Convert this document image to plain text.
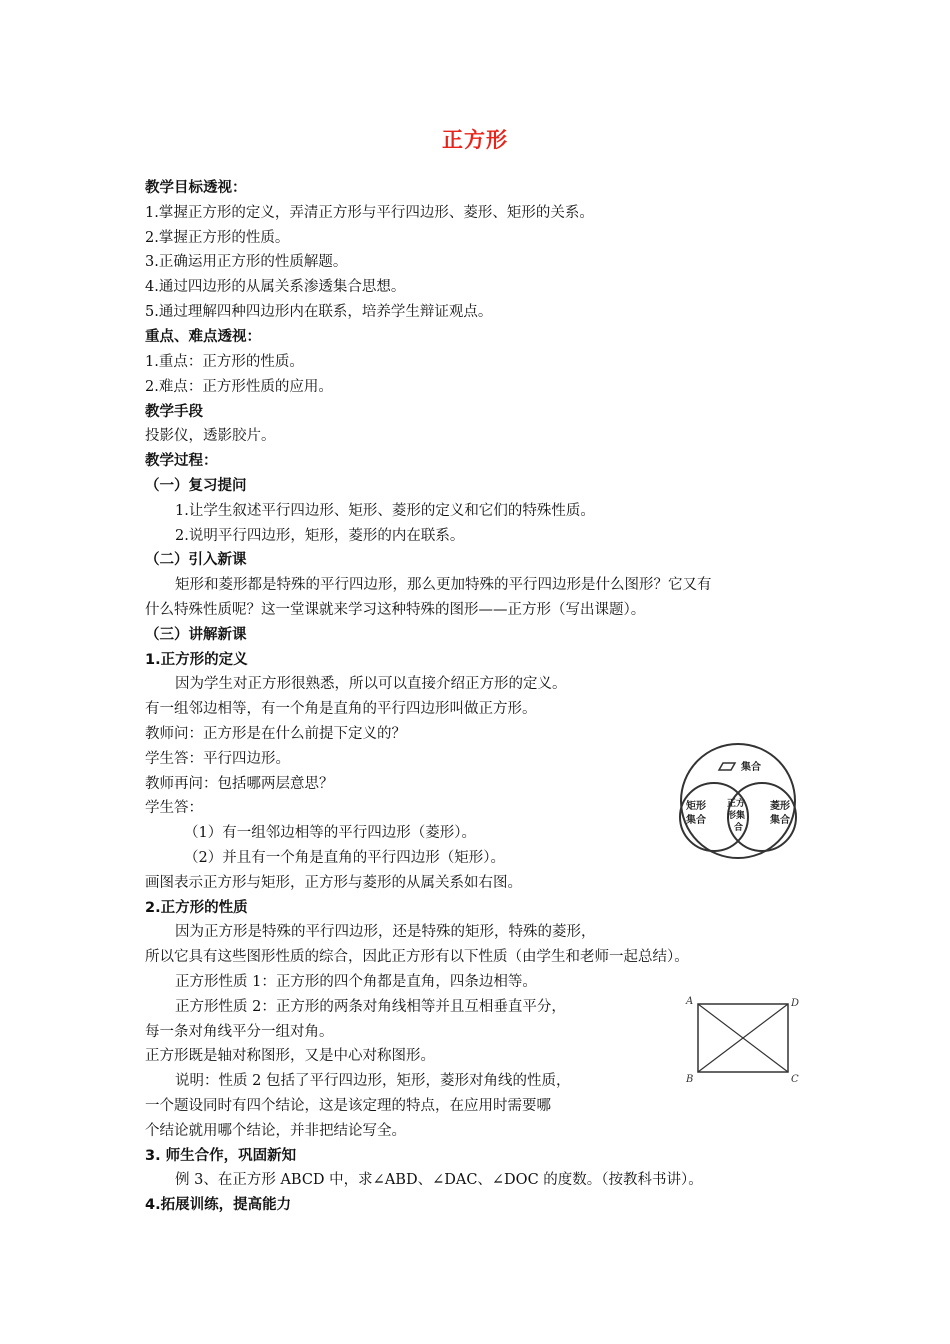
正方形
教学目标透视：
1.掌握正方形的定义，弄清正方形与平行四边形、菱形、矩形的关系。
2.掌握正方形的性质。
3.正确运用正方形的性质解题。
4.通过四边形的从属关系渗透集合思想。
5.通过理解四种四边形内在联系，培养学生辩证观点。
重点、难点透视：
1.重点：正方形的性质。
2.难点：正方形性质的应用。
教学手段
投影仪，透影胶片。
教学过程：
（一）复习提问
1.让学生叙述平行四边形、矩形、菱形的定义和它们的特殊性质。
2.说明平行四边形，矩形，菱形的内在联系。
（二）引入新课
矩形和菱形都是特殊的平行四边形，那么更加特殊的平行四边形是什么图形？它又有
什么特殊性质呢？这一堂课就来学习这种特殊的图形——正方形（写出课题）。
（三）讲解新课
1.正方形的定义
因为学生对正方形很熟悉，所以可以直接介绍正方形的定义。
有一组邻边相等，有一个角是直角的平行四边形叫做正方形。
教师问：正方形是在什么前提下定义的？
学生答：平行四边形。
教师再问：包括哪两层意思？
学生答：
（1）有一组邻边相等的平行四边形（菱形）。
（2）并且有一个角是直角的平行四边形（矩形）。
画图表示正方形与矩形，正方形与菱形的从属关系如右图。
集合
矩形
集合
正方
形集
合
菱形
集合
2.正方形的性质
因为正方形是特殊的平行四边形，还是特殊的矩形，特殊的菱形，
所以它具有这些图形性质的综合，因此正方形有以下性质（由学生和老师一起总结）。
正方形性质 1：正方形的四个角都是直角，四条边相等。
正方形性质 2：正方形的两条对角线相等并且互相垂直平分，
每一条对角线平分一组对角。
正方形既是轴对称图形，又是中心对称图形。
说明：性质 2 包括了平行四边形，矩形，菱形对角线的性质，
一个题设同时有四个结论，这是该定理的特点，在应用时需要哪
个结论就用哪个结论，并非把结论写全。
A	D
B	C
3. 师生合作，巩固新知
例 3、在正方形 ABCD 中，求∠ABD、∠DAC、∠DOC 的度数。（按教科书讲）。
4.拓展训练，提高能力
